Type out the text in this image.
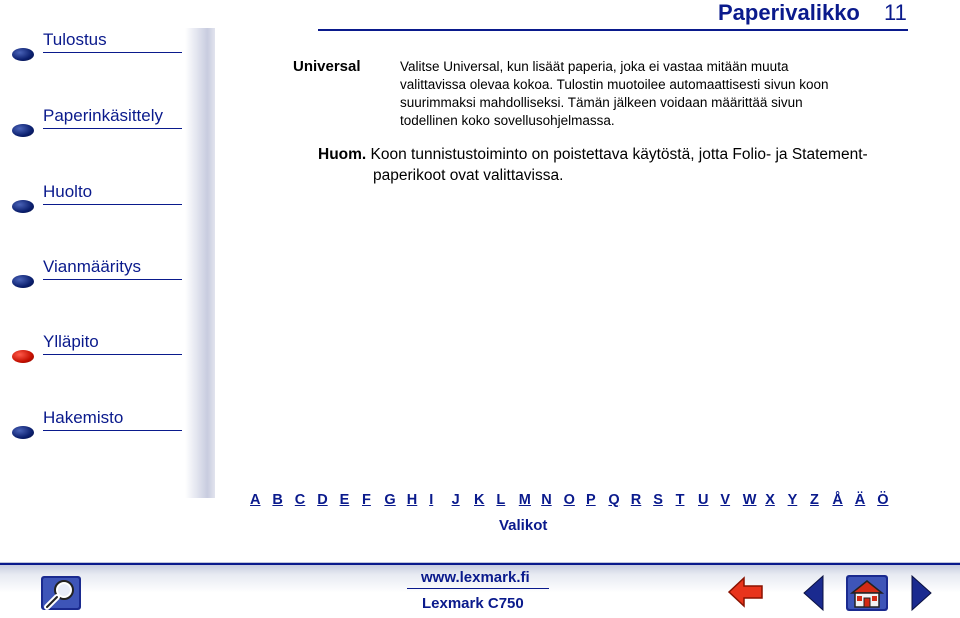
Tulostus
Paperinkäsittely
Huolto
Vianmääritys
Ylläpito
Hakemisto
Paperivalikko 11
Universal	Valitse Universal, kun lisäät paperia, joka ei vastaa mitään muuta valittavissa olevaa kokoa. Tulostin muotoilee automaattisesti sivun koon suurimmaksi mahdolliseksi. Tämän jälkeen voidaan määrittää sivun todellinen koko sovellusohjelmassa.
Huom. Koon tunnistustoiminto on poistettava käytöstä, jotta Folio- ja Statement-
paperikoot ovat valittavissa.
A B C D E F G H I J K L M N O P Q R S T U V W X Y Z Å Ä Ö
Valikot
www.lexmark.fi
Lexmark C750
